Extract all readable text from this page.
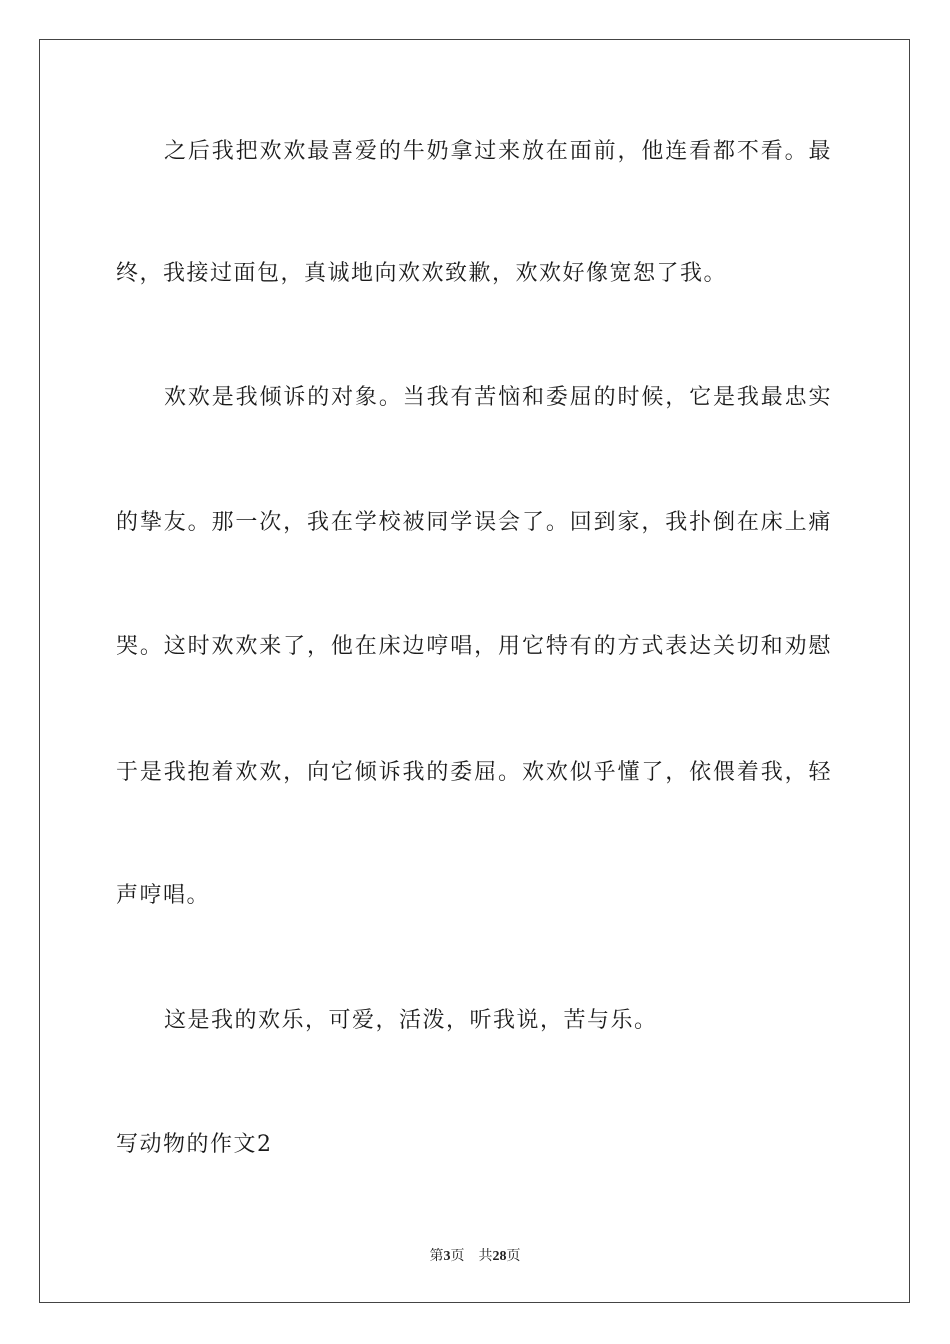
之后我把欢欢最喜爱的牛奶拿过来放在面前，他连看都不看。最
终，我接过面包，真诚地向欢欢致歉，欢欢好像宽恕了我。
欢欢是我倾诉的对象。当我有苦恼和委屈的时候，它是我最忠实
的挚友。那一次，我在学校被同学误会了。回到家，我扑倒在床上痛
哭。这时欢欢来了，他在床边哼唱，用它特有的方式表达关切和劝慰
于是我抱着欢欢，向它倾诉我的委屈。欢欢似乎懂了，依偎着我，轻
声哼唱。
这是我的欢乐，可爱，活泼，听我说，苦与乐。
写动物的作文2
第3页 共28页
